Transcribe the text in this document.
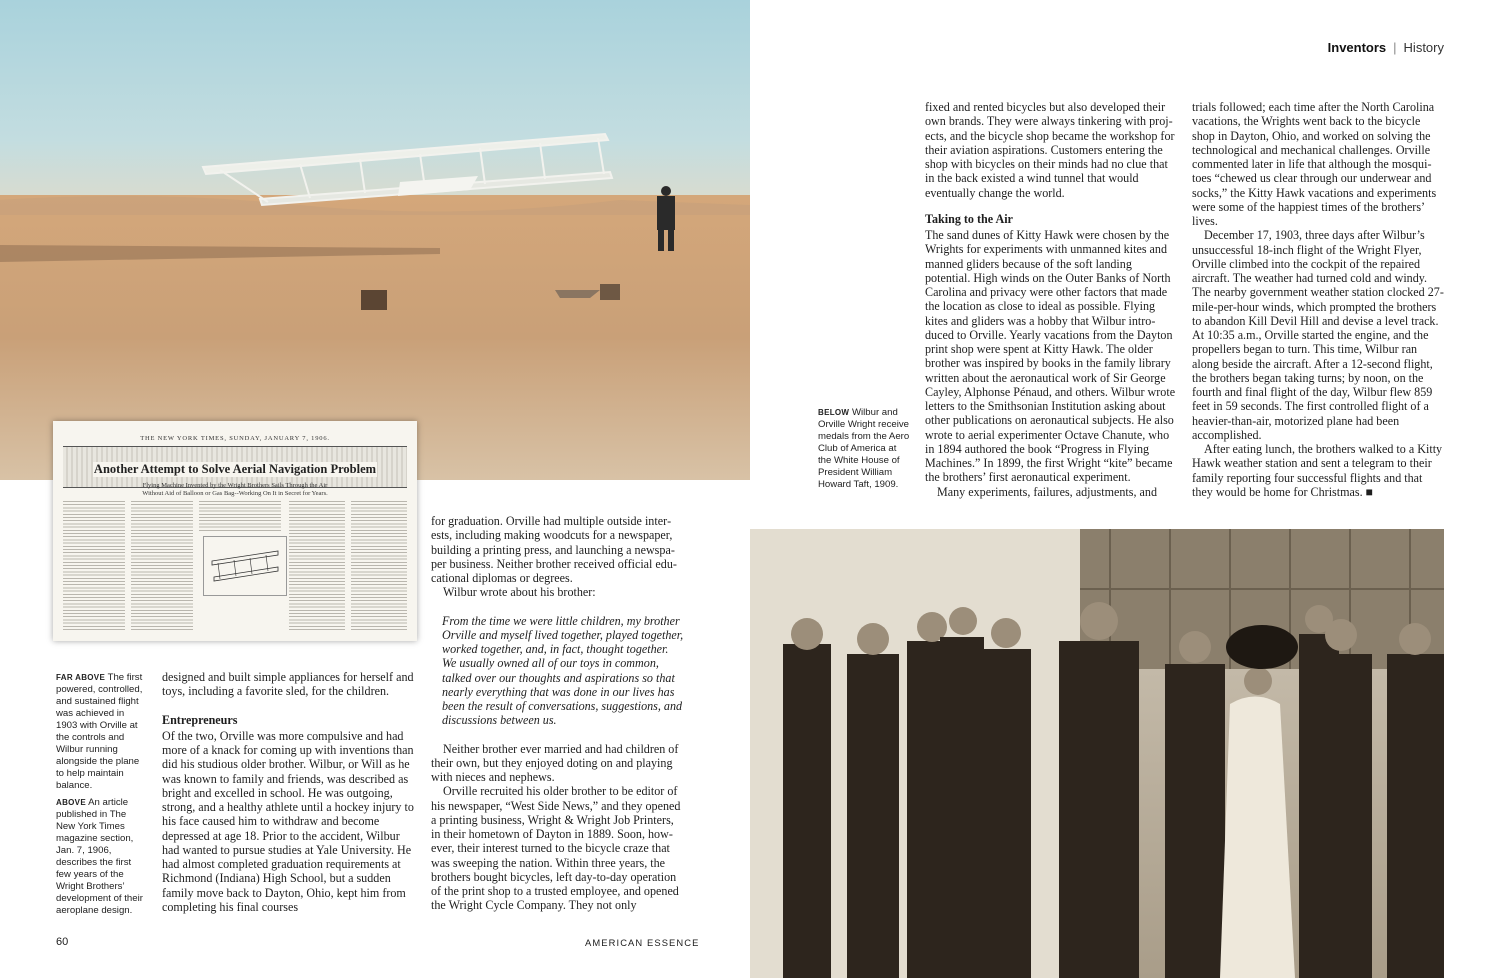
THE NEW YORK TIMES, SUNDAY, JANUARY 7, 1906.
Another Attempt to Solve Aerial Navigation Problem
Flying Machine Invented by the Wright Brothers Sails Through the Air
Without Aid of Balloon or Gas Bag--Working On It in Secret for Years.
FAR ABOVE The first powered, controlled, and sustained flight was achieved in 1903 with Orville at the controls and Wilbur running alongside the plane to help maintain balance.
ABOVE An article published in The New York Times magazine section, Jan. 7, 1906, describes the first few years of the Wright Brothers’ development of their aeroplane design.
BELOW Wilbur and Orville Wright receive medals from the Aero Club of America at the White House of President William Howard Taft, 1909.

designed and built simple appliances for herself and toys, including a favorite sled, for the children.

Entrepreneurs

Of the two, Orville was more compulsive and had more of a knack for coming up with inventions than did his studious older brother. Wilbur, or Will as he was known to family and friends, was described as bright and excelled in school. He was outgoing, strong, and a healthy athlete until a hockey injury to his face caused him to withdraw and become depressed at age 18. Prior to the accident, Wilbur had wanted to pursue studies at Yale University. He had almost completed graduation requirements at Richmond (Indiana) High School, but a sudden family move back to Dayton, Ohio, kept him from completing his final courses

for graduation. Orville had multiple outside interests, including making woodcuts for a newspaper, building a printing press, and launching a newspaper business. Neither brother received official educational diplomas or degrees.

Wilbur wrote about his brother:

From the time we were little children, my brother Orville and myself lived together, played together, worked together, and, in fact, thought together. We usually owned all of our toys in common, talked over our thoughts and aspirations so that nearly everything that was done in our lives has been the result of conversations, suggestions, and discussions between us.

Neither brother ever married and had children of their own, but they enjoyed doting on and playing with nieces and nephews.

Orville recruited his older brother to be editor of his newspaper, “West Side News,” and they opened a printing business, Wright & Wright Job Printers, in their hometown of Dayton in 1889. Soon, however, their interest turned to the bicycle craze that was sweeping the nation. Within three years, the brothers bought bicycles, left day-to-day operation of the print shop to a trusted employee, and opened the Wright Cycle Company. They not only

fixed and rented bicycles but also developed their own brands. They were always tinkering with projects, and the bicycle shop became the workshop for their aviation aspirations. Customers entering the shop with bicycles on their minds had no clue that in the back existed a wind tunnel that would eventually change the world.

Taking to the Air

The sand dunes of Kitty Hawk were chosen by the Wrights for experiments with unmanned kites and manned gliders because of the soft landing potential. High winds on the Outer Banks of North Carolina and privacy were other factors that made the location as close to ideal as possible. Flying kites and gliders was a hobby that Wilbur introduced to Orville. Yearly vacations from the Dayton print shop were spent at Kitty Hawk. The older brother was inspired by books in the family library written about the aeronautical work of Sir George Cayley, Alphonse Pénaud, and others. Wilbur wrote letters to the Smithsonian Institution asking about other publications on aeronautical subjects. He also wrote to aerial experimenter Octave Chanute, who in 1894 authored the book “Progress in Flying Machines.” In 1899, the first Wright “kite” became the brothers’ first aeronautical experiment.

Many experiments, failures, adjustments, and

trials followed; each time after the North Carolina vacations, the Wrights went back to the bicycle shop in Dayton, Ohio, and worked on solving the technological and mechanical challenges. Orville commented later in life that although the mosquitoes “chewed us clear through our underwear and socks,” the Kitty Hawk vacations and experiments were some of the happiest times of the brothers’ lives.

December 17, 1903, three days after Wilbur’s unsuccessful 18-inch flight of the Wright Flyer, Orville climbed into the cockpit of the repaired aircraft. The weather had turned cold and windy. The nearby government weather station clocked 27-mile-per-hour winds, which prompted the brothers to abandon Kill Devil Hill and devise a level track. At 10:35 a.m., Orville started the engine, and the propellers began to turn. This time, Wilbur ran along beside the aircraft. After a 12-second flight, the brothers began taking turns; by noon, on the fourth and final flight of the day, Wilbur flew 859 feet in 59 seconds. The first controlled flight of a heavier-than-air, motorized plane had been accomplished.

After eating lunch, the brothers walked to a Kitty Hawk weather station and sent a telegram to their family reporting four successful flights and that they would be home for Christmas. ■

Inventors | History
60	AMERICAN ESSENCE
